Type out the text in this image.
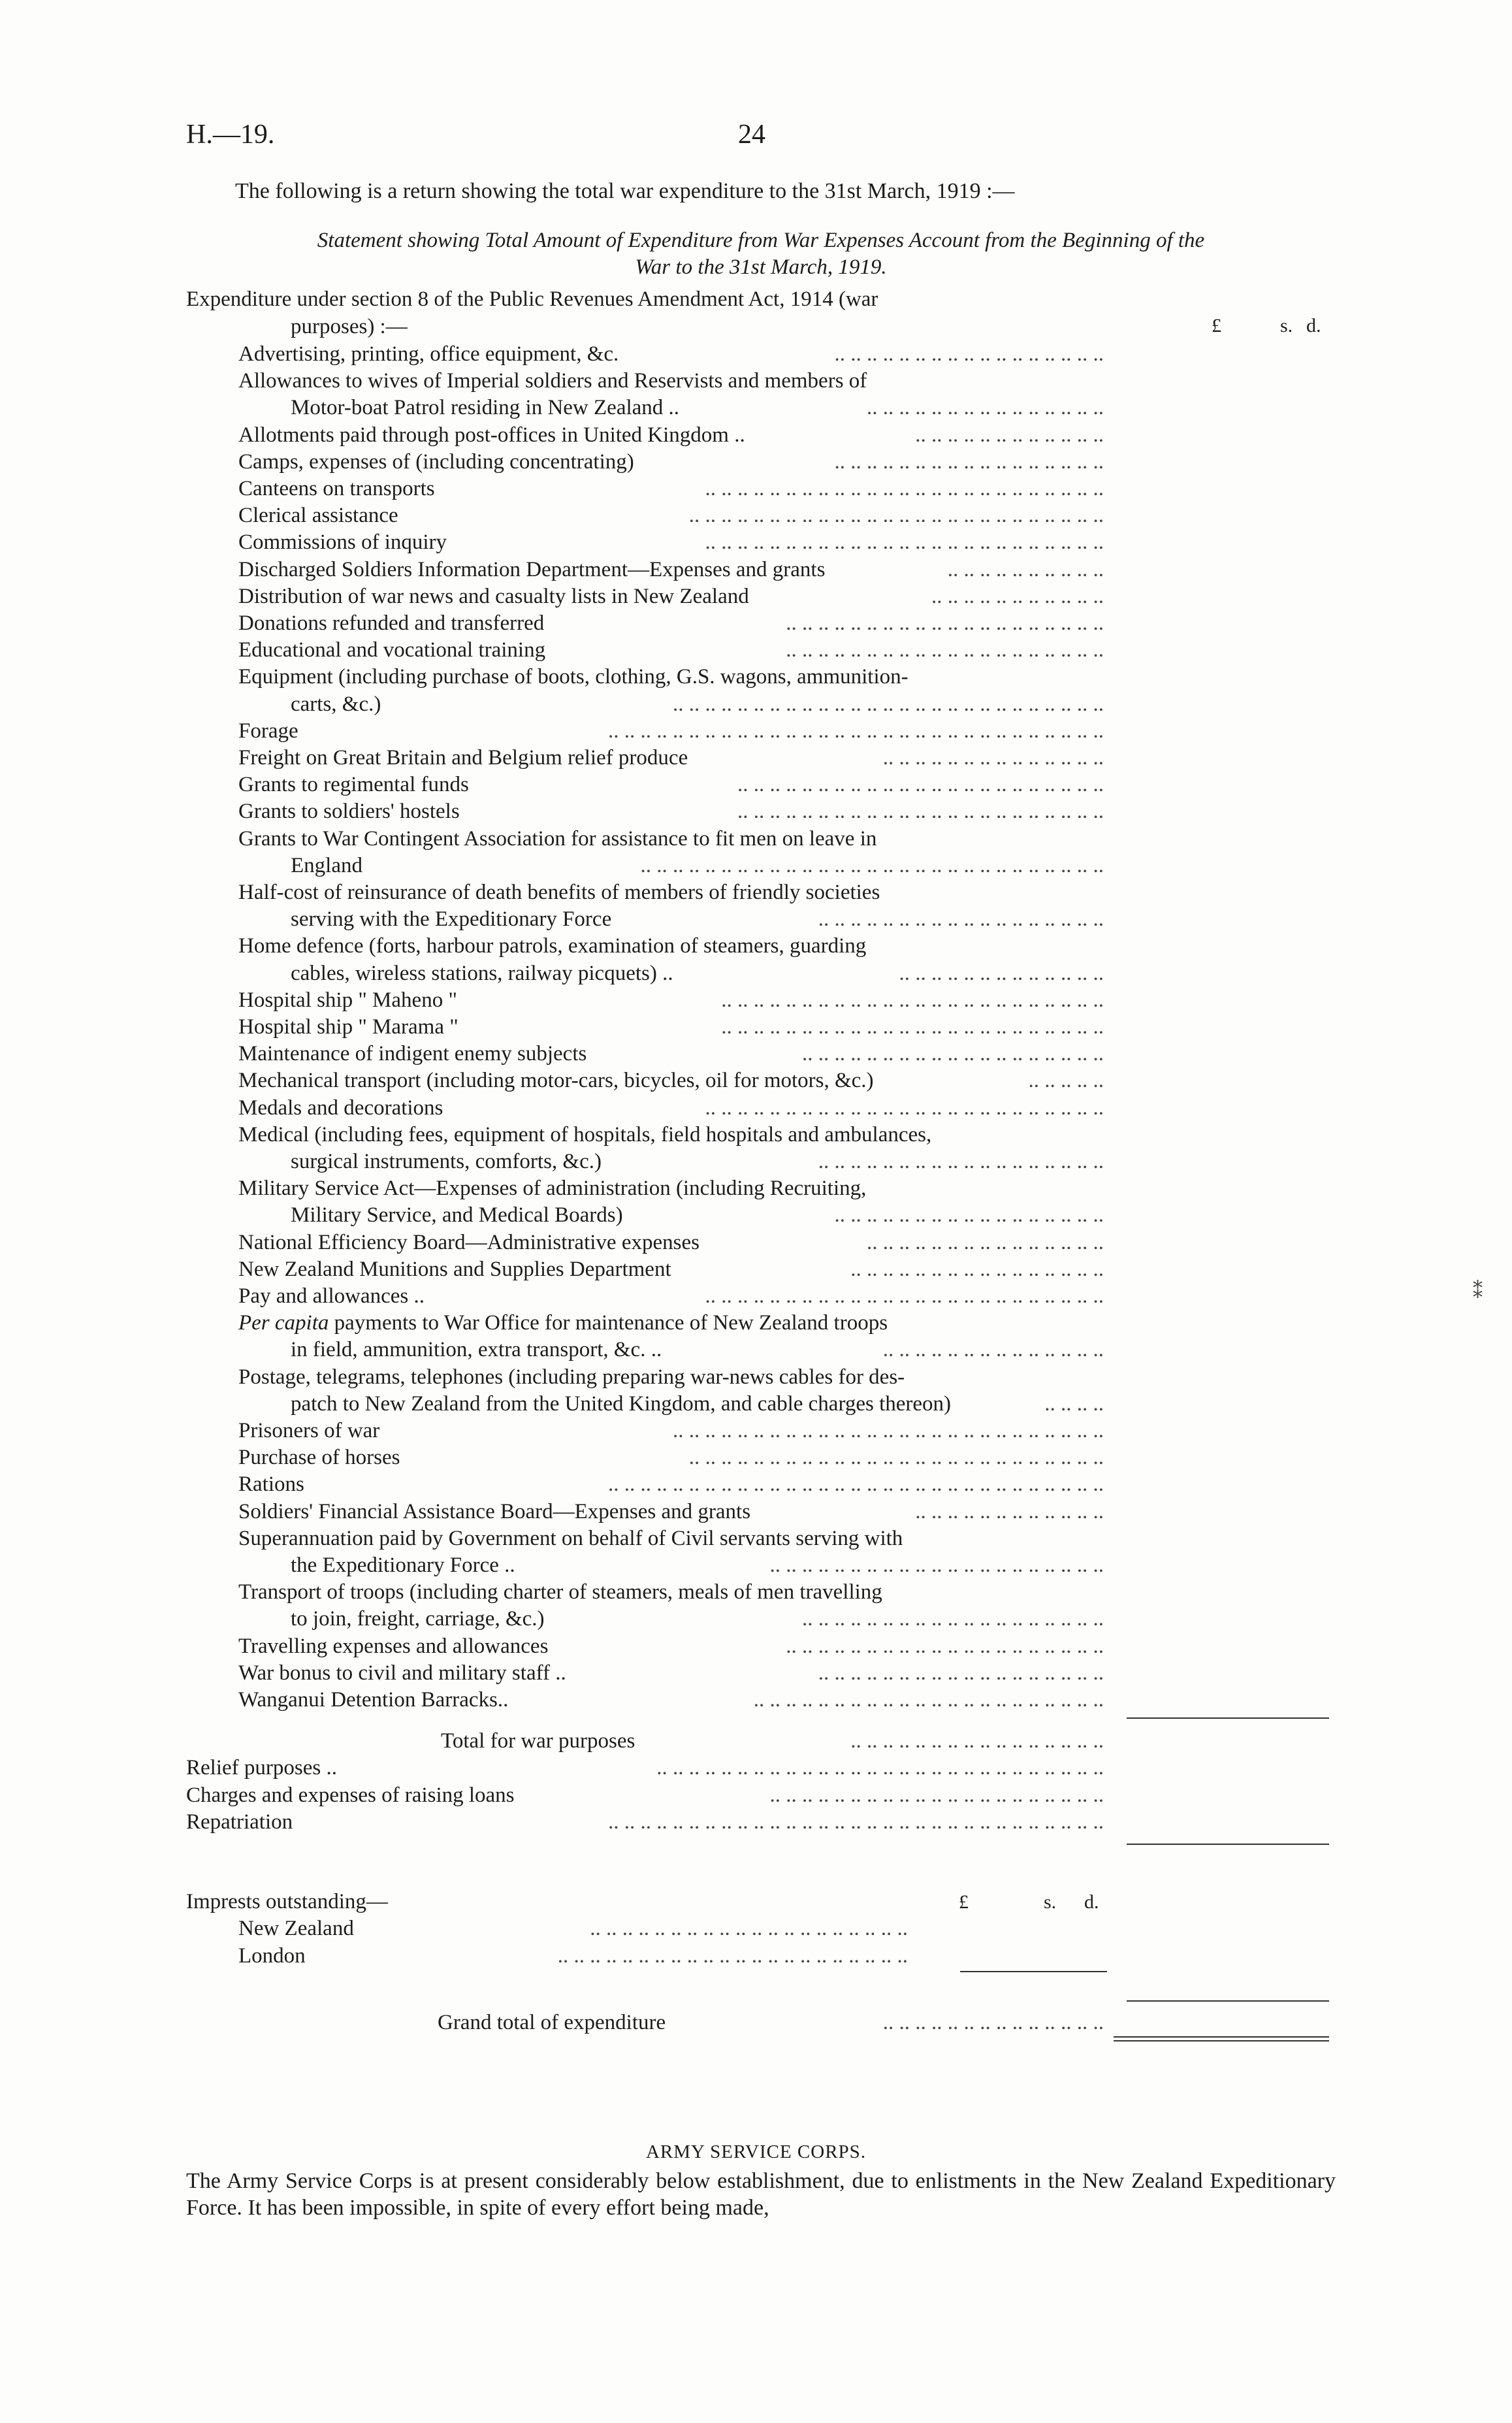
H.—19.	24
The following is a return showing the total war expenditure to the 31st March, 1919 :—
Statement showing Total Amount of Expenditure from War Expenses Account from the Beginning of the
War to the 31st March, 1919.
Expenditure under section 8 of the Public Revenues Amendment Act, 1914 (war
purposes) :—	£	s. d.
Advertising, printing, office equipment, &c.	.. .. .. .. .. .. .. .. .. .. .. .. .. .. .. .. ..
Allowances to wives of Imperial soldiers and Reservists and members of
Motor-boat Patrol residing in New Zealand ..	.. .. .. .. .. .. .. .. .. .. .. .. .. .. ..
Allotments paid through post-offices in United Kingdom ..	.. .. .. .. .. .. .. .. .. .. .. ..
Camps, expenses of (including concentrating)	.. .. .. .. .. .. .. .. .. .. .. .. .. .. .. .. ..
Canteens on transports	.. .. .. .. .. .. .. .. .. .. .. .. .. .. .. .. .. .. .. .. .. .. .. .. ..
Clerical assistance	.. .. .. .. .. .. .. .. .. .. .. .. .. .. .. .. .. .. .. .. .. .. .. .. .. ..
Commissions of inquiry	.. .. .. .. .. .. .. .. .. .. .. .. .. .. .. .. .. .. .. .. .. .. .. .. ..
Discharged Soldiers Information Department—Expenses and grants	.. .. .. .. .. .. .. .. .. ..
Distribution of war news and casualty lists in New Zealand	.. .. .. .. .. .. .. .. .. .. ..
Donations refunded and transferred	.. .. .. .. .. .. .. .. .. .. .. .. .. .. .. .. .. .. .. ..
Educational and vocational training	.. .. .. .. .. .. .. .. .. .. .. .. .. .. .. .. .. .. .. ..
Equipment (including purchase of boots, clothing, G.S. wagons, ammunition-
carts, &c.)	.. .. .. .. .. .. .. .. .. .. .. .. .. .. .. .. .. .. .. .. .. .. .. .. .. .. ..
Forage	.. .. .. .. .. .. .. .. .. .. .. .. .. .. .. .. .. .. .. .. .. .. .. .. .. .. .. .. .. .. ..
Freight on Great Britain and Belgium relief produce	.. .. .. .. .. .. .. .. .. .. .. .. .. ..
Grants to regimental funds	.. .. .. .. .. .. .. .. .. .. .. .. .. .. .. .. .. .. .. .. .. .. ..
Grants to soldiers' hostels	.. .. .. .. .. .. .. .. .. .. .. .. .. .. .. .. .. .. .. .. .. .. ..
Grants to War Contingent Association for assistance to fit men on leave in
England	.. .. .. .. .. .. .. .. .. .. .. .. .. .. .. .. .. .. .. .. .. .. .. .. .. .. .. .. ..
Half-cost of reinsurance of death benefits of members of friendly societies
serving with the Expeditionary Force	.. .. .. .. .. .. .. .. .. .. .. .. .. .. .. .. .. ..
Home defence (forts, harbour patrols, examination of steamers, guarding
cables, wireless stations, railway picquets) ..	.. .. .. .. .. .. .. .. .. .. .. .. ..
Hospital ship " Maheno "	.. .. .. .. .. .. .. .. .. .. .. .. .. .. .. .. .. .. .. .. .. .. .. ..
Hospital ship " Marama "	.. .. .. .. .. .. .. .. .. .. .. .. .. .. .. .. .. .. .. .. .. .. .. ..
Maintenance of indigent enemy subjects	.. .. .. .. .. .. .. .. .. .. .. .. .. .. .. .. .. .. ..
Mechanical transport (including motor-cars, bicycles, oil for motors, &c.)	.. .. .. .. ..
Medals and decorations	.. .. .. .. .. .. .. .. .. .. .. .. .. .. .. .. .. .. .. .. .. .. .. .. ..
Medical (including fees, equipment of hospitals, field hospitals and ambulances,
surgical instruments, comforts, &c.)	.. .. .. .. .. .. .. .. .. .. .. .. .. .. .. .. .. ..
Military Service Act—Expenses of administration (including Recruiting,
Military Service, and Medical Boards)	.. .. .. .. .. .. .. .. .. .. .. .. .. .. .. .. ..
National Efficiency Board—Administrative expenses	.. .. .. .. .. .. .. .. .. .. .. .. .. .. ..
New Zealand Munitions and Supplies Department	.. .. .. .. .. .. .. .. .. .. .. .. .. .. .. ..
Pay and allowances ..	.. .. .. .. .. .. .. .. .. .. .. .. .. .. .. .. .. .. .. .. .. .. .. .. ..
Per capita payments to War Office for maintenance of New Zealand troops
in field, ammunition, extra transport, &c. ..	.. .. .. .. .. .. .. .. .. .. .. .. .. ..
Postage, telegrams, telephones (including preparing war-news cables for des-
patch to New Zealand from the United Kingdom, and cable charges thereon)	.. .. .. ..
Prisoners of war	.. .. .. .. .. .. .. .. .. .. .. .. .. .. .. .. .. .. .. .. .. .. .. .. .. .. ..
Purchase of horses	.. .. .. .. .. .. .. .. .. .. .. .. .. .. .. .. .. .. .. .. .. .. .. .. .. ..
Rations	.. .. .. .. .. .. .. .. .. .. .. .. .. .. .. .. .. .. .. .. .. .. .. .. .. .. .. .. .. .. ..
Soldiers' Financial Assistance Board—Expenses and grants	.. .. .. .. .. .. .. .. .. .. .. ..
Superannuation paid by Government on behalf of Civil servants serving with
the Expeditionary Force ..	.. .. .. .. .. .. .. .. .. .. .. .. .. .. .. .. .. .. .. .. ..
Transport of troops (including charter of steamers, meals of men travelling
to join, freight, carriage, &c.)	.. .. .. .. .. .. .. .. .. .. .. .. .. .. .. .. .. .. ..
Travelling expenses and allowances	.. .. .. .. .. .. .. .. .. .. .. .. .. .. .. .. .. .. .. ..
War bonus to civil and military staff ..	.. .. .. .. .. .. .. .. .. .. .. .. .. .. .. .. .. ..
Wanganui Detention Barracks..	.. .. .. .. .. .. .. .. .. .. .. .. .. .. .. .. .. .. .. .. .. ..
Total for war purposes	.. .. .. .. .. .. .. .. .. .. .. .. .. .. .. ..
Relief purposes ..	.. .. .. .. .. .. .. .. .. .. .. .. .. .. .. .. .. .. .. .. .. .. .. .. .. .. .. ..
Charges and expenses of raising loans	.. .. .. .. .. .. .. .. .. .. .. .. .. .. .. .. .. .. .. .. ..
Repatriation	.. .. .. .. .. .. .. .. .. .. .. .. .. .. .. .. .. .. .. .. .. .. .. .. .. .. .. .. .. .. ..
Imprests outstanding—	£	s. d.
New Zealand	.. .. .. .. .. .. .. .. .. .. .. .. .. .. .. .. .. .. .. ..
London	.. .. .. .. .. .. .. .. .. .. .. .. .. .. .. .. .. .. .. .. .. ..
Grand total of expenditure	.. .. .. .. .. .. .. .. .. .. .. .. .. ..
⁑
ARMY SERVICE CORPS.
The Army Service Corps is at present considerably below establishment, due to enlistments in the New Zealand Expeditionary Force. It has been impossible, in spite of every effort being made,
